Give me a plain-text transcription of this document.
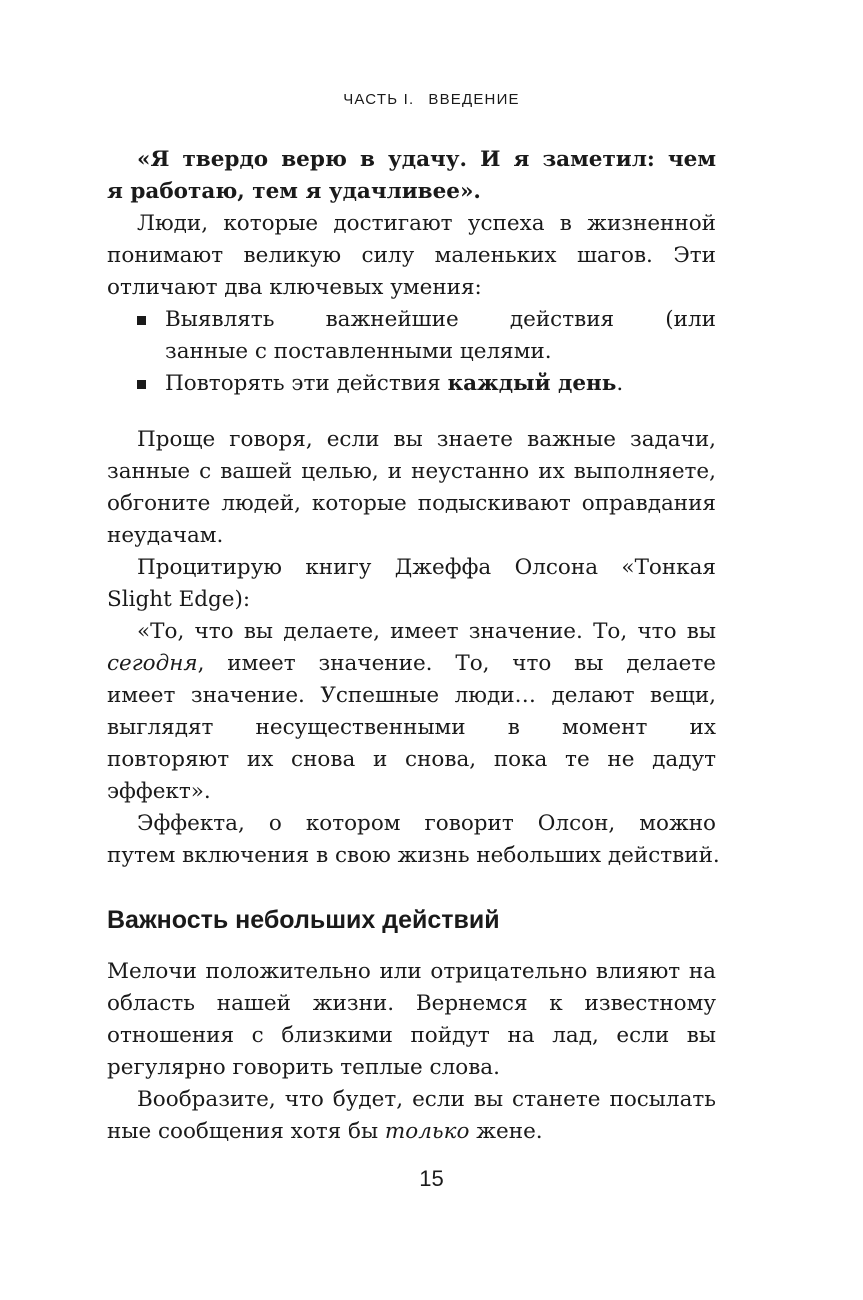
ЧАСТЬ I. ВВЕДЕНИЕ
«Я твердо верю в удачу. И я заметил: чем
я работаю, тем я удачливее».
Люди, которые достигают успеха в жизненной
понимают великую силу маленьких шагов. Эти
отличают два ключевых умения:
Выявлять важнейшие действия (или
занные с поставленными целями.
Повторять эти действия каждый день.
Проще говоря, если вы знаете важные задачи,
занные с вашей целью, и неустанно их выполняете,
обгоните людей, которые подыскивают оправдания
неудачам.
Процитирую книгу Джеффа Олсона «Тонкая
Slight Edge):
«То, что вы делаете, имеет значение. То, что вы
сегодня, имеет значение. То, что вы делаете
имеет значение. Успешные люди… делают вещи,
выглядят несущественными в момент их
повторяют их снова и снова, пока те не дадут
эффект».
Эффекта, о котором говорит Олсон, можно
путем включения в свою жизнь небольших действий.
Важность небольших действий
Мелочи положительно или отрицательно влияют на
область нашей жизни. Вернемся к известному
отношения с близкими пойдут на лад, если вы
регулярно говорить теплые слова.
Вообразите, что будет, если вы станете посылать
ные сообщения хотя бы только жене.
15
